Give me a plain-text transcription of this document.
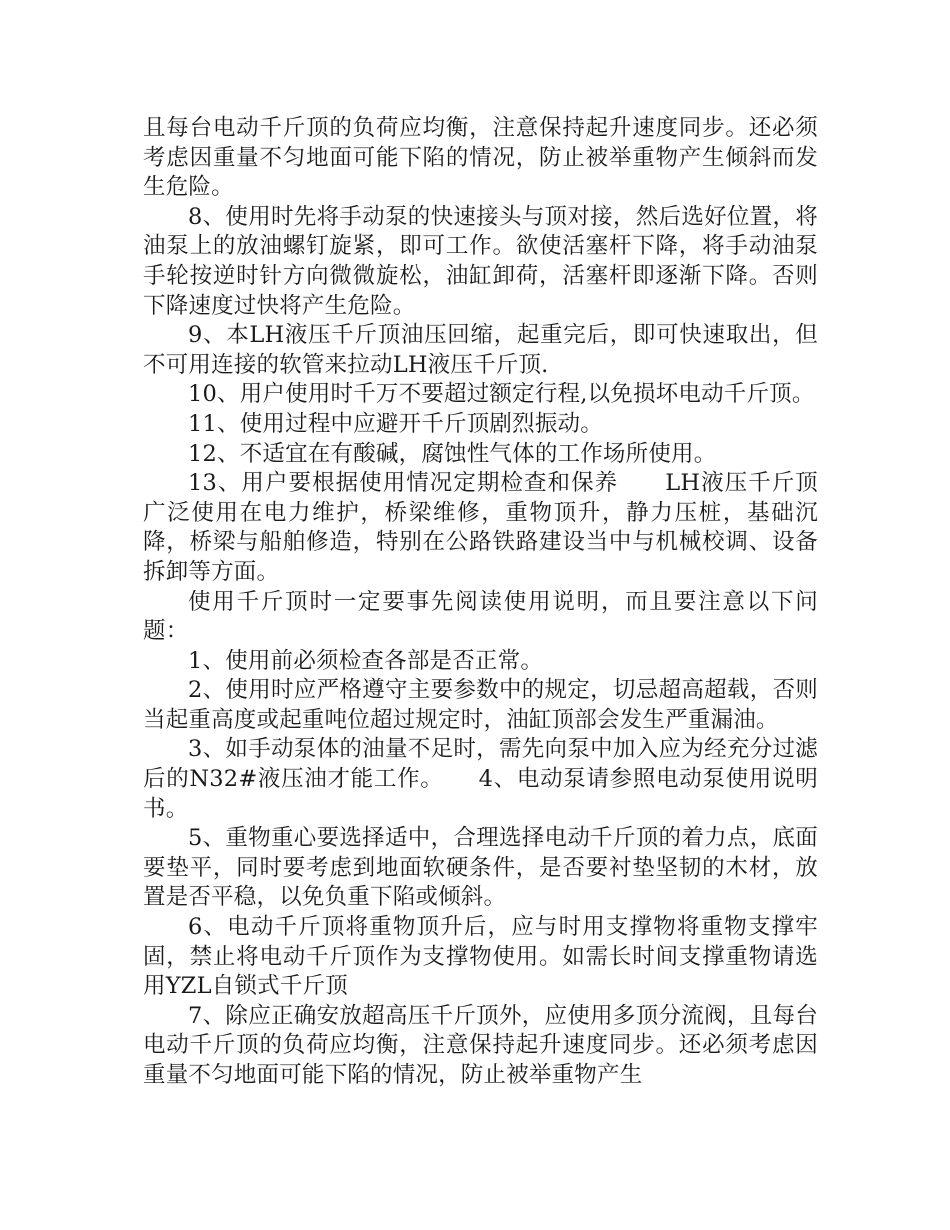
且每台电动千斤顶的负荷应均衡，注意保持起升速度同步。还必须考虑因重量不匀地面可能下陷的情况，防止被举重物产生倾斜而发生危险。

8、使用时先将手动泵的快速接头与顶对接，然后选好位置，将油泵上的放油螺钉旋紧，即可工作。欲使活塞杆下降，将手动油泵手轮按逆时针方向微微旋松，油缸卸荷，活塞杆即逐渐下降。否则下降速度过快将产生危险。

9、本LH液压千斤顶油压回缩，起重完后，即可快速取出，但不可用连接的软管来拉动LH液压千斤顶.

10、用户使用时千万不要超过额定行程,以免损坏电动千斤顶。

11、使用过程中应避开千斤顶剧烈振动。

12、不适宜在有酸碱，腐蚀性气体的工作场所使用。

13、用户要根据使用情况定期检查和保养　　LH液压千斤顶广泛使用在电力维护，桥梁维修，重物顶升，静力压桩，基础沉降，桥梁与船舶修造，特别在公路铁路建设当中与机械校调、设备拆卸等方面。

使用千斤顶时一定要事先阅读使用说明，而且要注意以下问题：

1、使用前必须检查各部是否正常。

2、使用时应严格遵守主要参数中的规定，切忌超高超载，否则当起重高度或起重吨位超过规定时，油缸顶部会发生严重漏油。

3、如手动泵体的油量不足时，需先向泵中加入应为经充分过滤后的N32#液压油才能工作。　　4、电动泵请参照电动泵使用说明书。

5、重物重心要选择适中，合理选择电动千斤顶的着力点，底面要垫平，同时要考虑到地面软硬条件，是否要衬垫坚韧的木材，放置是否平稳，以免负重下陷或倾斜。

6、电动千斤顶将重物顶升后，应与时用支撑物将重物支撑牢固，禁止将电动千斤顶作为支撑物使用。如需长时间支撑重物请选用YZL自锁式千斤顶

7、除应正确安放超高压千斤顶外，应使用多顶分流阀，且每台电动千斤顶的负荷应均衡，注意保持起升速度同步。还必须考虑因重量不匀地面可能下陷的情况，防止被举重物产生
